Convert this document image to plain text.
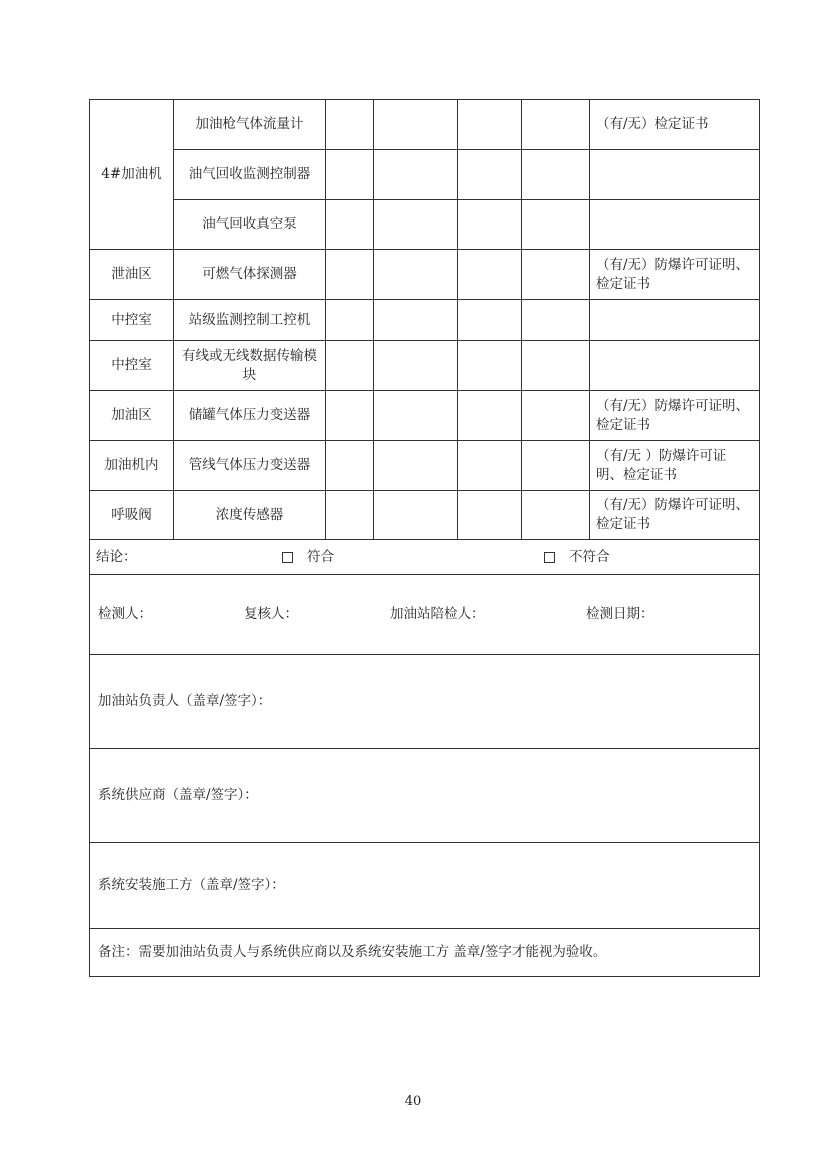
4#加油机	加油枪气体流量计					（有/无）检定证书
	油气回收监测控制器					
	油气回收真空泵					
泄油区	可燃气体探测器					（有/无）防爆许可证明、检定证书
中控室	站级监测控制工控机					
中控室	有线或无线数据传输模块					
加油区	储罐气体压力变送器					（有/无）防爆许可证明、检定证书
加油机内	管线气体压力变送器					（有/无 ）防爆许可证明、检定证书
呼吸阀	浓度传感器					（有/无）防爆许可证明、检定证书

结论： 符合 不符合						

检测人： 复核人： 加油站陪检人： 检测日期：						

加油站负责人（盖章/签字）：						
系统供应商（盖章/签字）：						
系统安装施工方（盖章/签字）：						
备注：需要加油站负责人与系统供应商以及系统安装施工方 盖章/签字才能视为验收。						
40
